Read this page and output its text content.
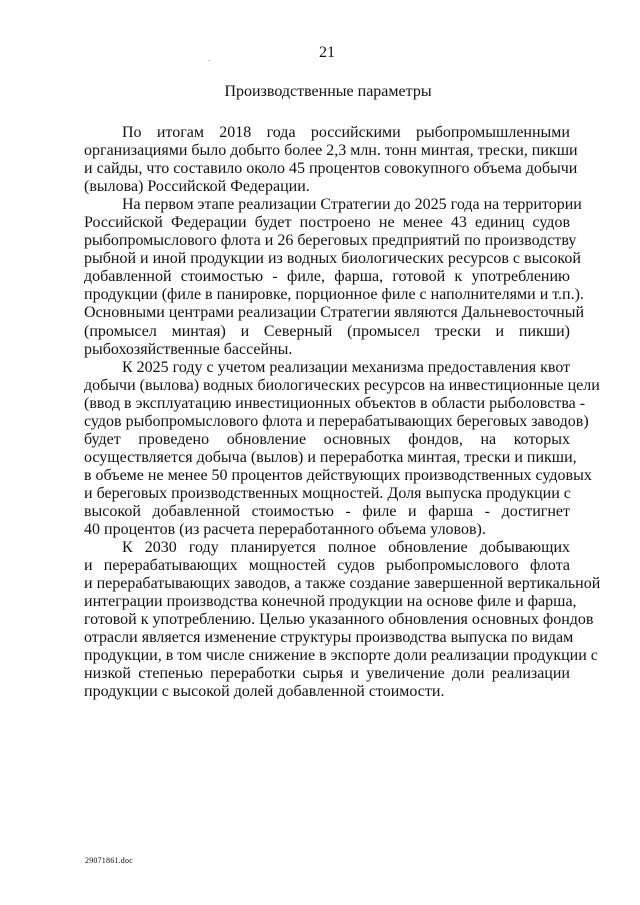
21
Производственные параметры
По итогам 2018 года российскими рыбопромышленными
организациями было добыто более 2,3 млн. тонн минтая, трески, пикши
и сайды, что составило около 45 процентов совокупного объема добычи
(вылова) Российской Федерации.
На первом этапе реализации Стратегии до 2025 года на территории
Российской Федерации будет построено не менее 43 единиц судов
рыбопромыслового флота и 26 береговых предприятий по производству
рыбной и иной продукции из водных биологических ресурсов с высокой
добавленной стоимостью - филе, фарша, готовой к употреблению
продукции (филе в панировке, порционное филе с наполнителями и т.п.).
Основными центрами реализации Стратегии являются Дальневосточный
(промысел минтая) и Северный (промысел трески и пикши)
рыбохозяйственные бассейны.
К 2025 году с учетом реализации механизма предоставления квот
добычи (вылова) водных биологических ресурсов на инвестиционные цели
(ввод в эксплуатацию инвестиционных объектов в области рыболовства -
судов рыбопромыслового флота и перерабатывающих береговых заводов)
будет проведено обновление основных фондов, на которых
осуществляется добыча (вылов) и переработка минтая, трески и пикши,
в объеме не менее 50 процентов действующих производственных судовых
и береговых производственных мощностей. Доля выпуска продукции с
высокой добавленной стоимостью - филе и фарша - достигнет
40 процентов (из расчета переработанного объема уловов).
К 2030 году планируется полное обновление добывающих
и перерабатывающих мощностей судов рыбопромыслового флота
и перерабатывающих заводов, а также создание завершенной вертикальной
интеграции производства конечной продукции на основе филе и фарша,
готовой к употреблению. Целью указанного обновления основных фондов
отрасли является изменение структуры производства выпуска по видам
продукции, в том числе снижение в экспорте доли реализации продукции с
низкой степенью переработки сырья и увеличение доли реализации
продукции с высокой долей добавленной стоимости.
29071861.doc
